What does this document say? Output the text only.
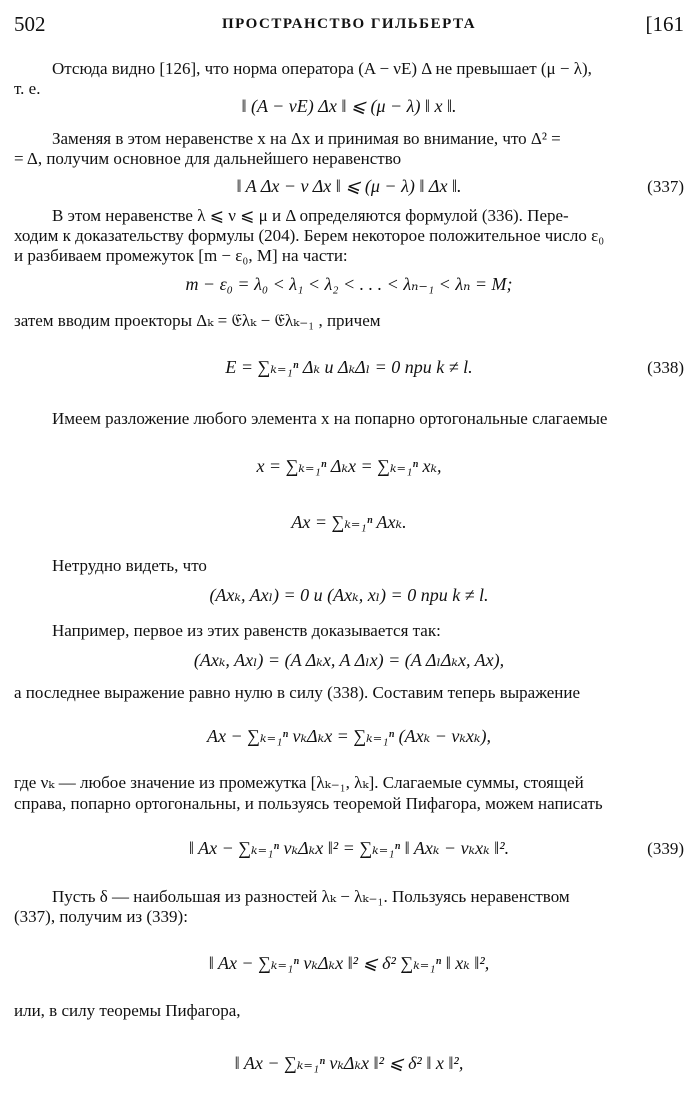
502	ПРОСТРАНСТВО ГИЛЬБЕРТА	[161
Отсюда видно [126], что норма оператора (A − νE) Δ не превышает (μ − λ),
т. е.
‖ (A − νE) Δx ‖ ⩽ (μ − λ) ‖ x ‖.
Заменяя в этом неравенстве x на Δx и принимая во внимание, что Δ² =
= Δ, получим основное для дальнейшего неравенство
‖ A Δx − ν Δx ‖ ⩽ (μ − λ) ‖ Δx ‖.	(337)
В этом неравенстве λ ⩽ ν ⩽ μ и Δ определяются формулой (336). Пере-
ходим к доказательству формулы (204). Берем некоторое положительное число ε₀
и разбиваем промежуток [m − ε₀, M] на части:
m − ε₀ = λ₀ < λ₁ < λ₂ < . . . < λₙ₋₁ < λₙ = M;
затем вводим проекторы Δₖ = 𝔈λₖ − 𝔈λₖ₋₁ , причем
E = ∑ₖ₌₁ⁿ Δₖ и ΔₖΔₗ = 0 при k ≠ l.	(338)
Имеем разложение любого элемента x на попарно ортогональные слагаемые
x = ∑ₖ₌₁ⁿ Δₖx = ∑ₖ₌₁ⁿ xₖ,
Ax = ∑ₖ₌₁ⁿ Axₖ.
Нетрудно видеть, что
(Axₖ, Axₗ) = 0 и (Axₖ, xₗ) = 0 при k ≠ l.
Например, первое из этих равенств доказывается так:
(Axₖ, Axₗ) = (A Δₖx, A Δₗx) = (A ΔₗΔₖx, Ax),
а последнее выражение равно нулю в силу (338). Составим теперь выражение
Ax − ∑ₖ₌₁ⁿ νₖΔₖx = ∑ₖ₌₁ⁿ (Axₖ − νₖxₖ),
где νₖ — любое значение из промежутка [λₖ₋₁, λₖ]. Слагаемые суммы, стоящей
справа, попарно ортогональны, и пользуясь теоремой Пифагора, можем написать
‖ Ax − ∑ₖ₌₁ⁿ νₖΔₖx ‖² = ∑ₖ₌₁ⁿ ‖ Axₖ − νₖxₖ ‖².	(339)
Пусть δ — наибольшая из разностей λₖ − λₖ₋₁. Пользуясь неравенством
(337), получим из (339):
‖ Ax − ∑ₖ₌₁ⁿ νₖΔₖx ‖² ⩽ δ² ∑ₖ₌₁ⁿ ‖ xₖ ‖²,
или, в силу теоремы Пифагора,
‖ Ax − ∑ₖ₌₁ⁿ νₖΔₖx ‖² ⩽ δ² ‖ x ‖²,
